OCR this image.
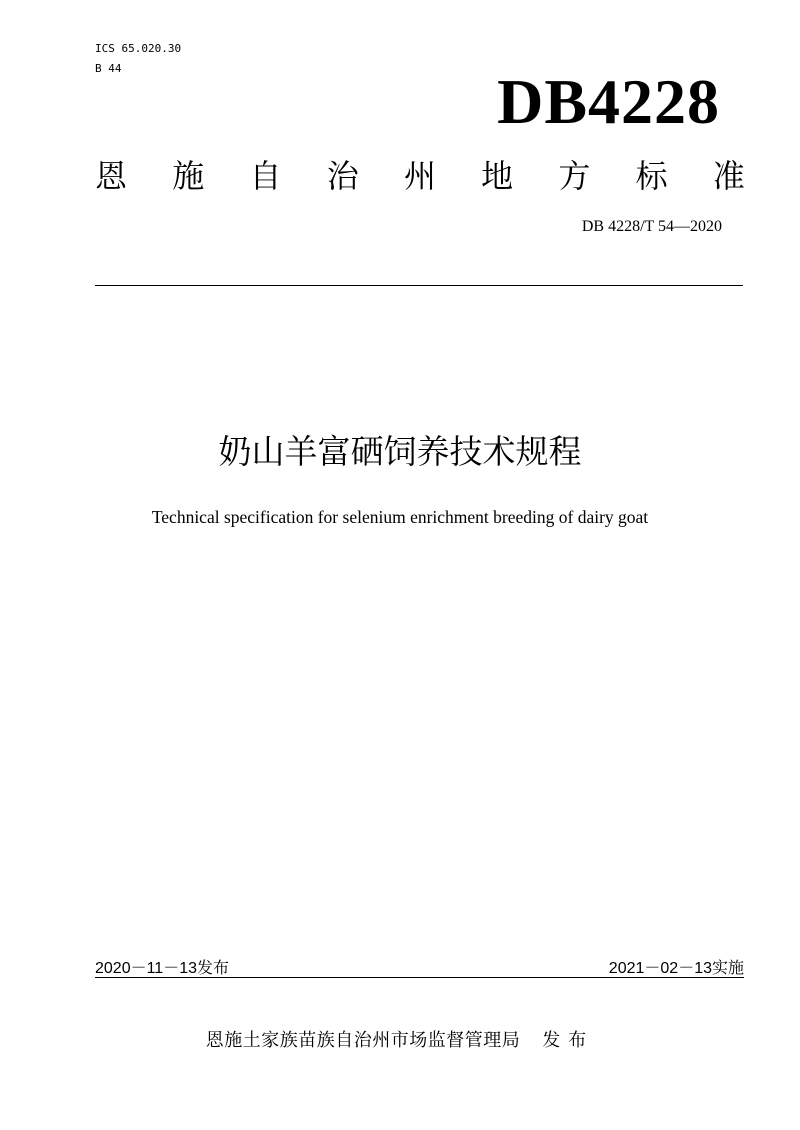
ICS 65.020.30
B 44	DB4228
恩 施 自 治 州 地 方 标 准
DB 4228/T 54—2020
奶山羊富硒饲养技术规程
Technical specification for selenium enrichment breeding of dairy goat
2020－11－13发布	2021－02－13实施
恩施土家族苗族自治州市场监督管理局 发布
